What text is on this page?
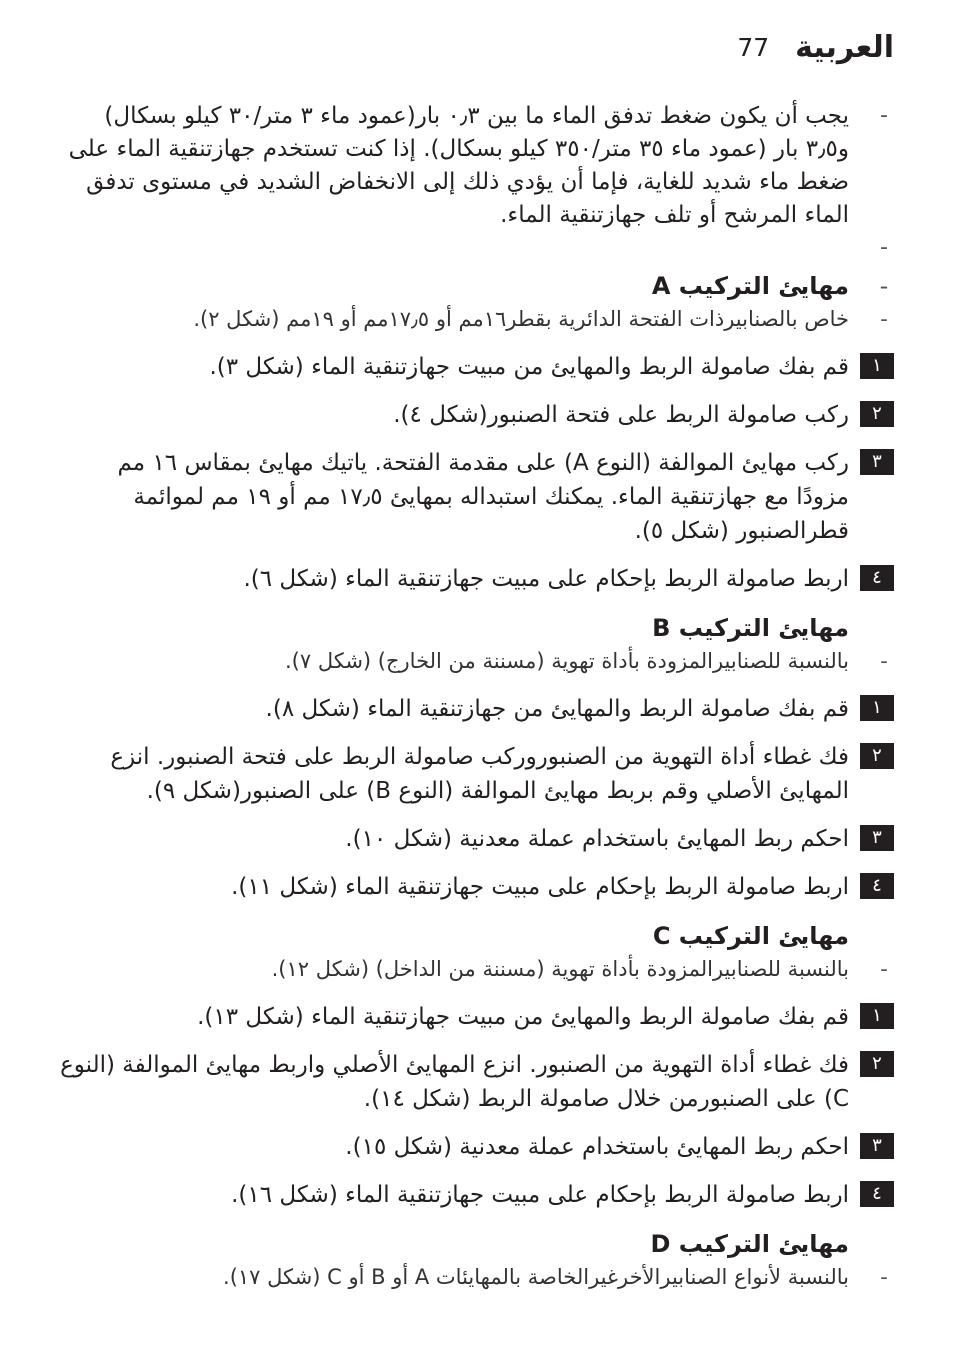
77 العربية
-
يجب أن يكون ضغط تدفق الماء ما بين ٠٫٣ بار(عمود ماء ٣ متر/٣٠ كيلو بسكال) و٣٫٥ بار (عمود ماء ٣٥ متر/٣٥٠ كيلو بسكال). إذا كنت تستخدم جهازتنقية الماء على ضغط ماء شديد للغاية، فإما أن يؤدي ذلك إلى الانخفاض الشديد في مستوى تدفق الماء المرشح أو تلف جهازتنقية الماء.
-
-
مهايئ التركيب A
-
خاص بالصنابيرذات الفتحة الدائرية بقطر١٦مم أو ١٧٫٥مم أو ١٩مم (شكل ٢).
١
قم بفك صامولة الربط والمهايئ من مبيت جهازتنقية الماء (شكل ٣).
٢
ركب صامولة الربط على فتحة الصنبور(شكل ٤).
٣
ركب مهايئ الموالفة (النوع A) على مقدمة الفتحة. ياتيك مهايئ بمقاس ١٦ مم مزودًا مع جهازتنقية الماء. يمكنك استبداله بمهايئ ١٧٫٥ مم أو ١٩ مم لموائمة قطرالصنبور (شكل ٥).
٤
اربط صامولة الربط بإحكام على مبيت جهازتنقية الماء (شكل ٦).
مهايئ التركيب B
-
بالنسبة للصنابيرالمزودة بأداة تهوية (مسننة من الخارج) (شكل ٧).
١
قم بفك صامولة الربط والمهايئ من جهازتنقية الماء (شكل ٨).
٢
فك غطاء أداة التهوية من الصنبوروركب صامولة الربط على فتحة الصنبور. انزع المهايئ الأصلي وقم بربط مهايئ الموالفة (النوع B) على الصنبور(شكل ٩).
٣
احكم ربط المهايئ باستخدام عملة معدنية (شكل ١٠).
٤
اربط صامولة الربط بإحكام على مبيت جهازتنقية الماء (شكل ١١).
مهايئ التركيب C
-
بالنسبة للصنابيرالمزودة بأداة تهوية (مسننة من الداخل) (شكل ١٢).
١
قم بفك صامولة الربط والمهايئ من مبيت جهازتنقية الماء (شكل ١٣).
٢
فك غطاء أداة التهوية من الصنبور. انزع المهايئ الأصلي واربط مهايئ الموالفة (النوع C) على الصنبورمن خلال صامولة الربط (شكل ١٤).
٣
احكم ربط المهايئ باستخدام عملة معدنية (شكل ١٥).
٤
اربط صامولة الربط بإحكام على مبيت جهازتنقية الماء (شكل ١٦).
مهايئ التركيب D
-
بالنسبة لأنواع الصنابيرالأخرغيرالخاصة بالمهايئات A أو B أو C (شكل ١٧).
